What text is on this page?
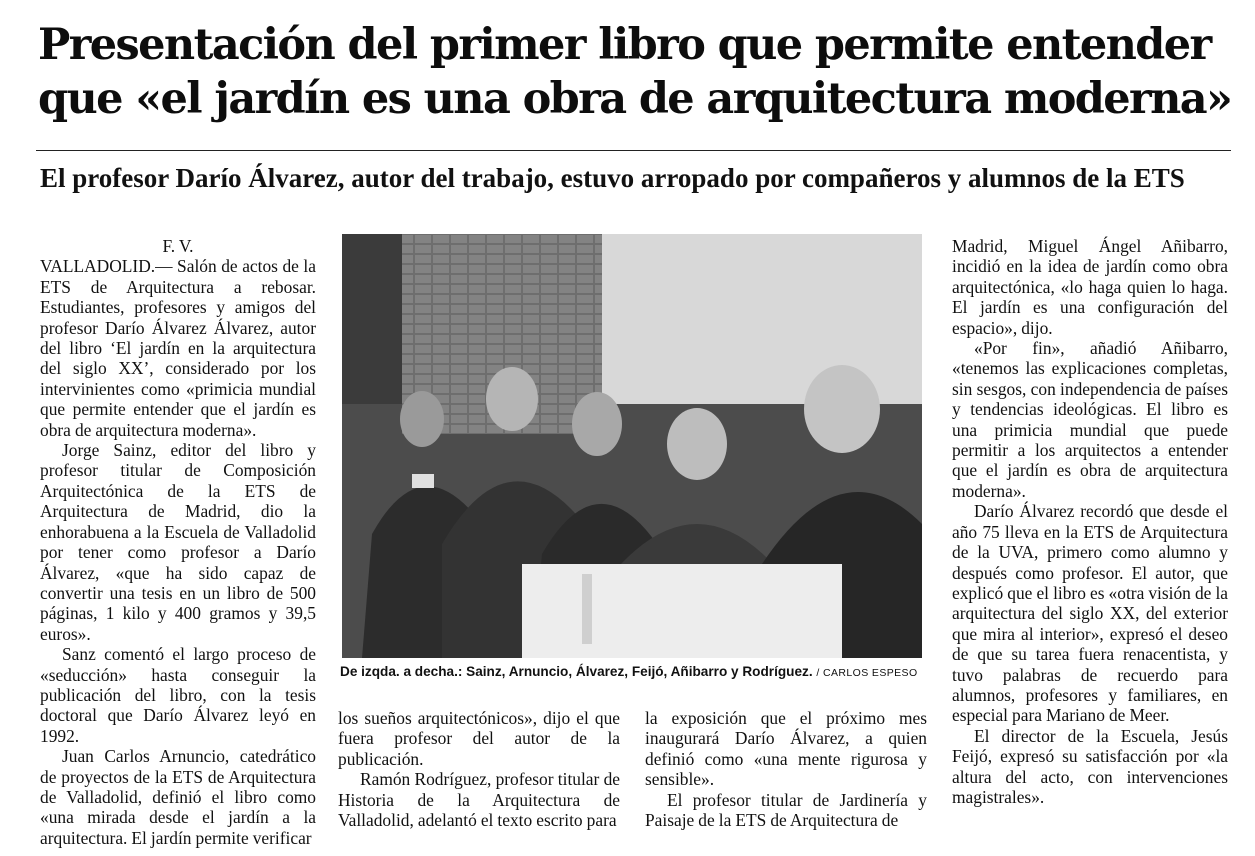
Presentación del primer libro que permite entender
que «el jardín es una obra de arquitectura moderna»
El profesor Darío Álvarez, autor del trabajo, estuvo arropado por compañeros y alumnos de la ETS
F. V.

VALLADOLID.— Salón de actos de la ETS de Arquitectura a rebosar. Estudiantes, profesores y amigos del profesor Darío Álvarez Álvarez, autor del libro ‘El jardín en la arquitectura del siglo XX’, considerado por los intervinientes como «primicia mundial que permite entender que el jardín es obra de arquitectura moderna».

Jorge Sainz, editor del libro y profesor titular de Composición Arquitectónica de la ETS de Arquitectura de Madrid, dio la enhorabuena a la Escuela de Valladolid por tener como profesor a Darío Álvarez, «que ha sido capaz de convertir una tesis en un libro de 500 páginas, 1 kilo y 400 gramos y 39,5 euros».

Sanz comentó el largo proceso de «seducción» hasta conseguir la publicación del libro, con la tesis doctoral que Darío Álvarez leyó en 1992.

Juan Carlos Arnuncio, catedrático de proyectos de la ETS de Arquitectura de Valladolid, definió el libro como «una mirada desde el jardín a la arquitectura. El jardín permite verificar

De izqda. a decha.: Sainz, Arnuncio, Álvarez, Feijó, Añibarro y Rodríguez. / CARLOS ESPESO

los sueños arquitectónicos», dijo el que fuera profesor del autor de la publicación.

Ramón Rodríguez, profesor titular de Historia de la Arquitectura de Valladolid, adelantó el texto escrito para

la exposición que el próximo mes inaugurará Darío Álvarez, a quien definió como «una mente rigurosa y sensible».

El profesor titular de Jardinería y Paisaje de la ETS de Arquitectura de

Madrid, Miguel Ángel Añibarro, incidió en la idea de jardín como obra arquitectónica, «lo haga quien lo haga. El jardín es una configuración del espacio», dijo.

«Por fin», añadió Añibarro, «tenemos las explicaciones completas, sin sesgos, con independencia de países y tendencias ideológicas. El libro es una primicia mundial que puede permitir a los arquitectos a entender que el jardín es obra de arquitectura moderna».

Darío Álvarez recordó que desde el año 75 lleva en la ETS de Arquitectura de la UVA, primero como alumno y después como profesor. El autor, que explicó que el libro es «otra visión de la arquitectura del siglo XX, del exterior que mira al interior», expresó el deseo de que su tarea fuera renacentista, y tuvo palabras de recuerdo para alumnos, profesores y familiares, en especial para Mariano de Meer.

El director de la Escuela, Jesús Feijó, expresó su satisfacción por «la altura del acto, con intervenciones magistrales».
